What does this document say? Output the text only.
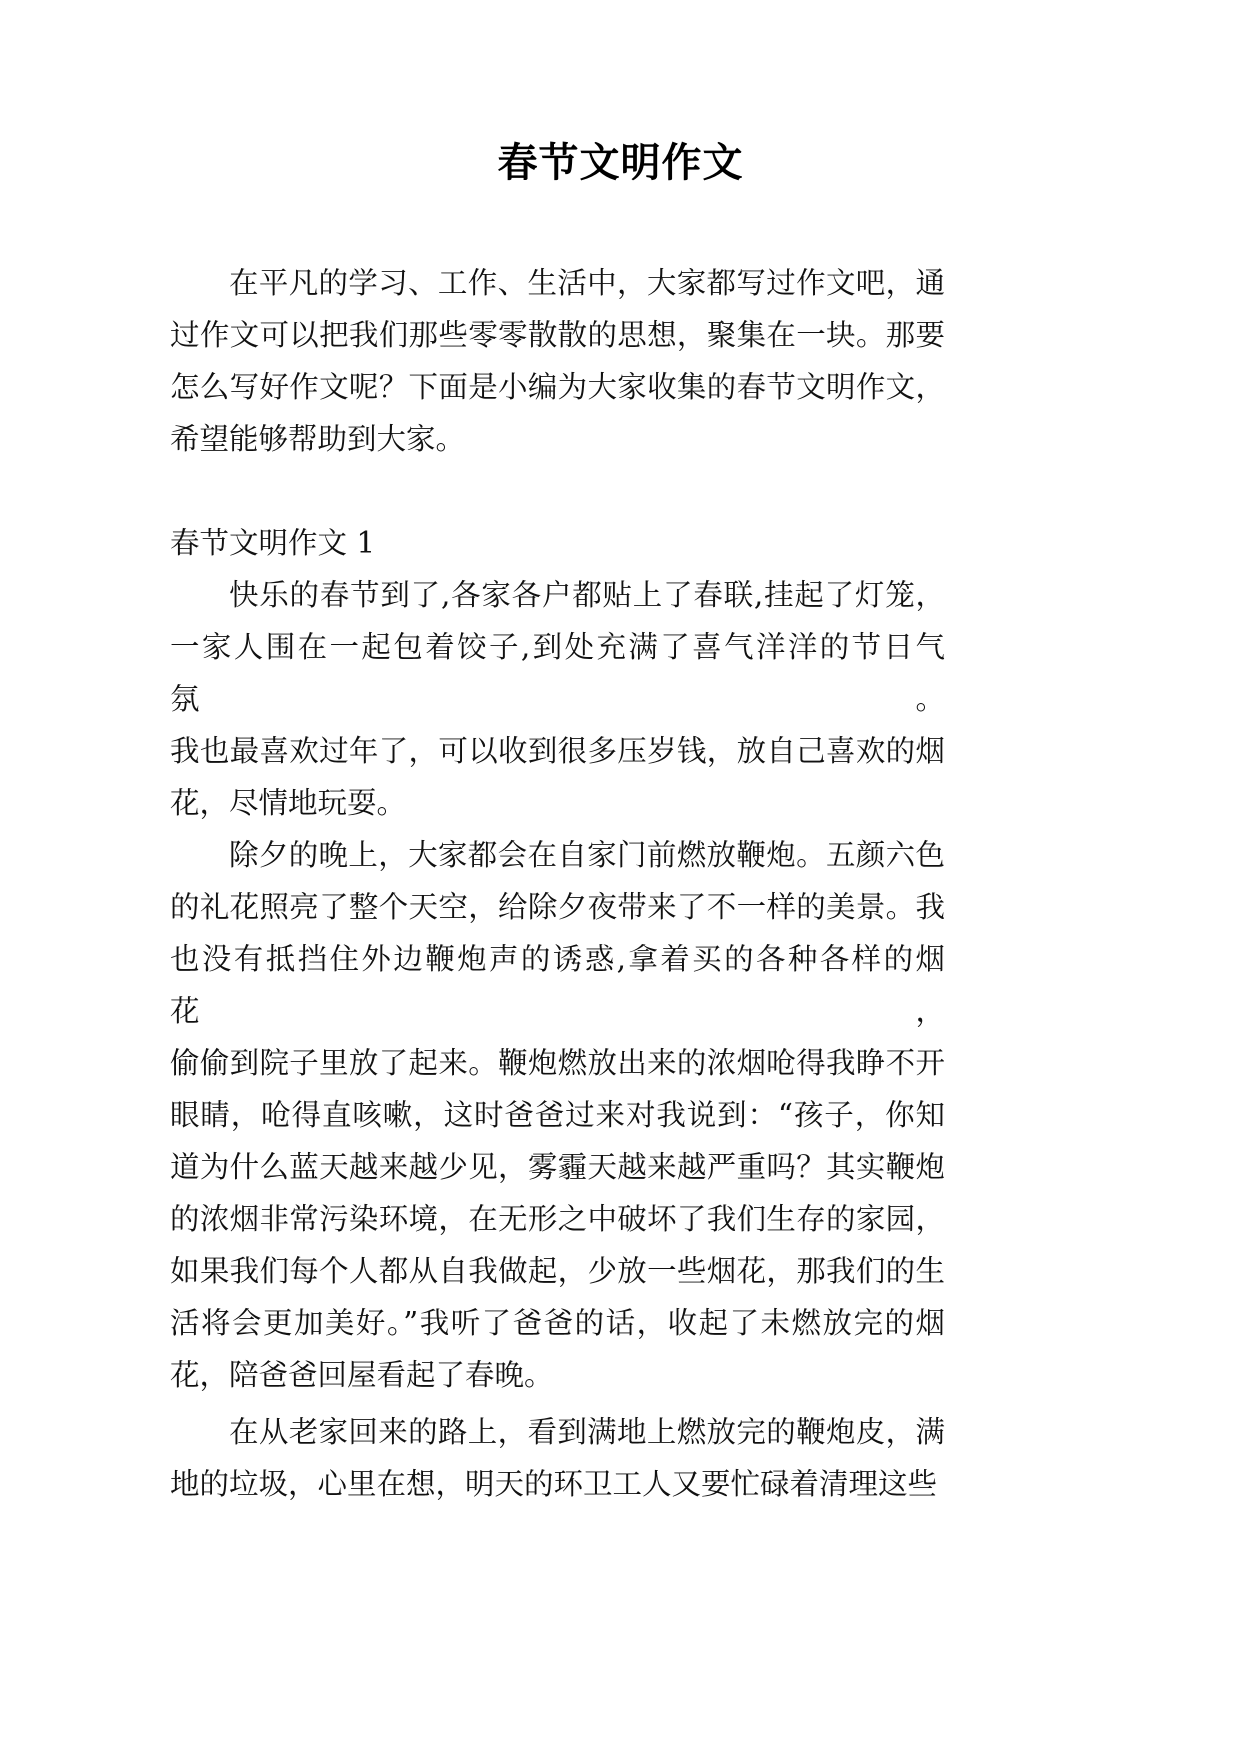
春节文明作文
在平凡的学习、工作、生活中，大家都写过作文吧，通
过作文可以把我们那些零零散散的思想，聚集在一块。那要
怎么写好作文呢？下面是小编为大家收集的春节文明作文，
希望能够帮助到大家。
春节文明作文 1
快乐的春节到了,各家各户都贴上了春联,挂起了灯笼，
一家人围在一起包着饺子,到处充满了喜气洋洋的节日气氛。
我也最喜欢过年了，可以收到很多压岁钱，放自己喜欢的烟
花，尽情地玩耍。
除夕的晚上，大家都会在自家门前燃放鞭炮。五颜六色
的礼花照亮了整个天空，给除夕夜带来了不一样的美景。我
也没有抵挡住外边鞭炮声的诱惑,拿着买的各种各样的烟花，
偷偷到院子里放了起来。鞭炮燃放出来的浓烟呛得我睁不开
眼睛，呛得直咳嗽，这时爸爸过来对我说到：“孩子，你知
道为什么蓝天越来越少见，雾霾天越来越严重吗？其实鞭炮
的浓烟非常污染环境，在无形之中破坏了我们生存的家园，
如果我们每个人都从自我做起，少放一些烟花，那我们的生
活将会更加美好。”我听了爸爸的话，收起了未燃放完的烟
花，陪爸爸回屋看起了春晚。
在从老家回来的路上，看到满地上燃放完的鞭炮皮，满
地的垃圾，心里在想，明天的环卫工人又要忙碌着清理这些
